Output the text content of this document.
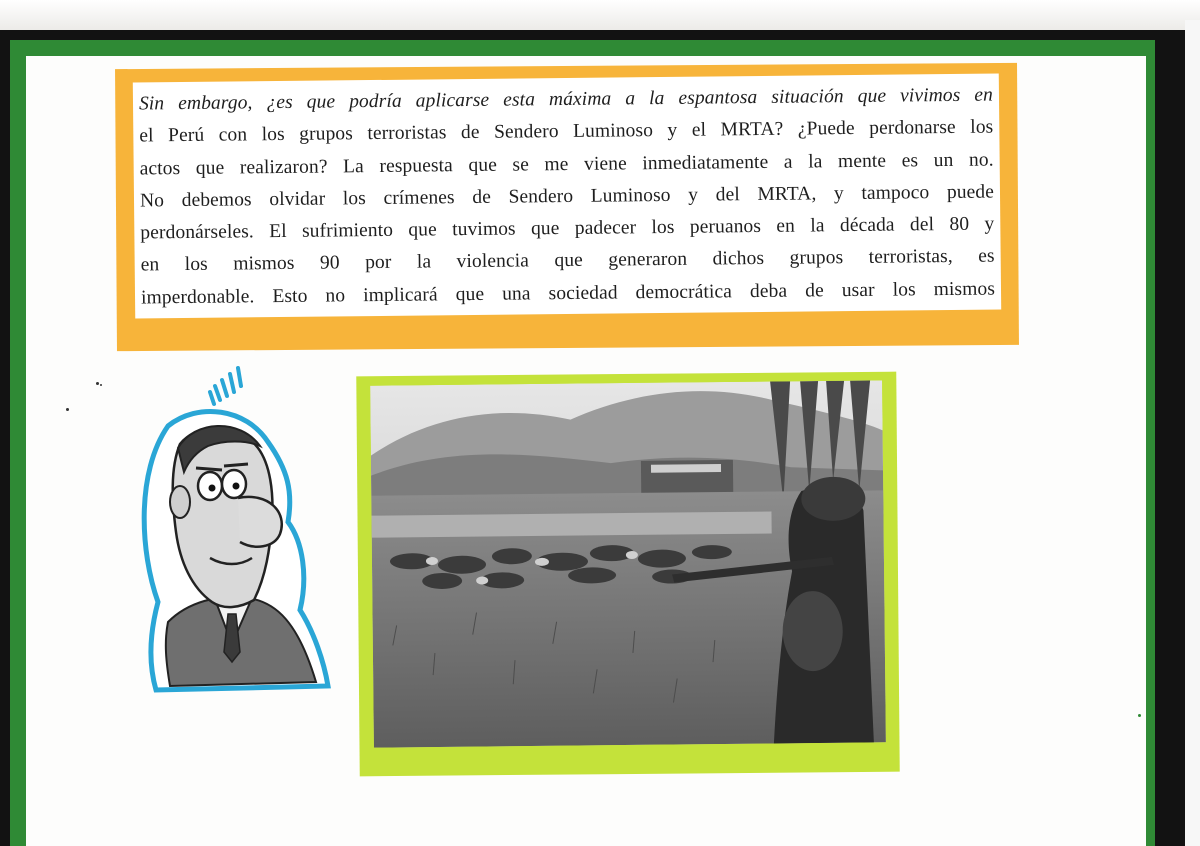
Sin embargo, ¿es que podría aplicarse esta máxima a la espantosa situación que vivimos en

el Perú con los grupos terroristas de Sendero Luminoso y el MRTA? ¿Puede perdonarse los

actos que realizaron? La respuesta que se me viene inmediatamente a la mente es un no.

No debemos olvidar los crímenes de Sendero Luminoso y del MRTA, y tampoco puede

perdonárseles. El sufrimiento que tuvimos que padecer los peruanos en la década del 80 y

en los mismos 90 por la violencia que generaron dichos grupos terroristas, es

imperdonable. Esto no implicará que una sociedad democrática deba de usar los mismos
